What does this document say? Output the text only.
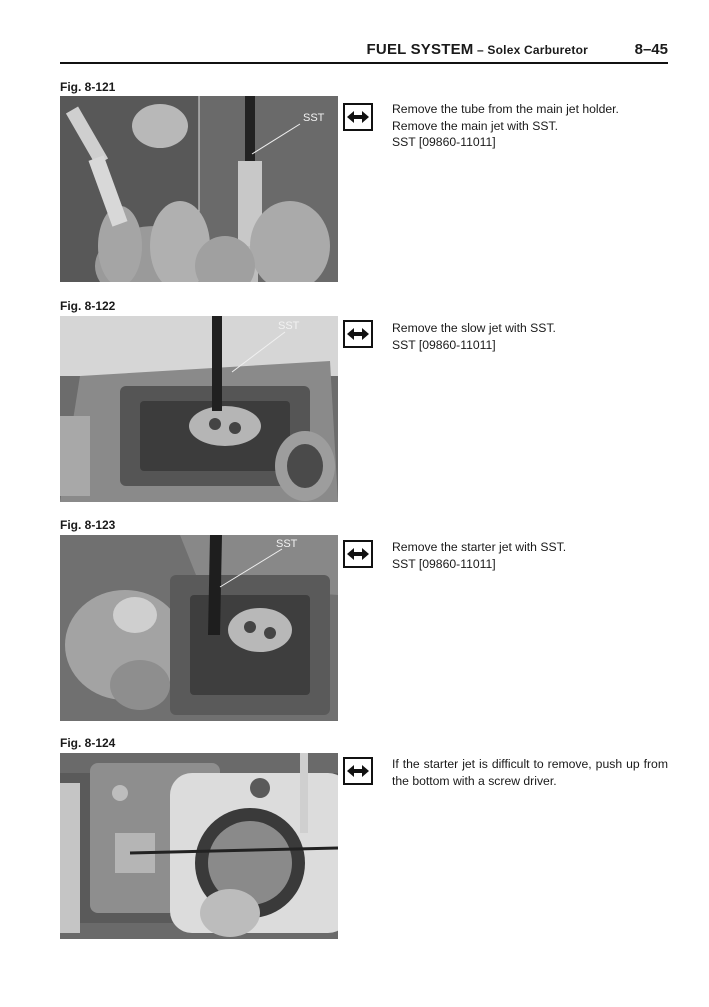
FUEL SYSTEM – Solex Carburetor	8–45
Fig. 8-121
SST
Remove the tube from the main jet holder.
Remove the main jet with SST.
SST [09860-11011]
Fig. 8-122
SST	Remove the slow jet with SST.
SST [09860-11011]
Fig. 8-123
SST	Remove the starter jet with SST.
SST [09860-11011]
Fig. 8-124
If the starter jet is difficult to remove, push up from the bottom with a screw driver.
